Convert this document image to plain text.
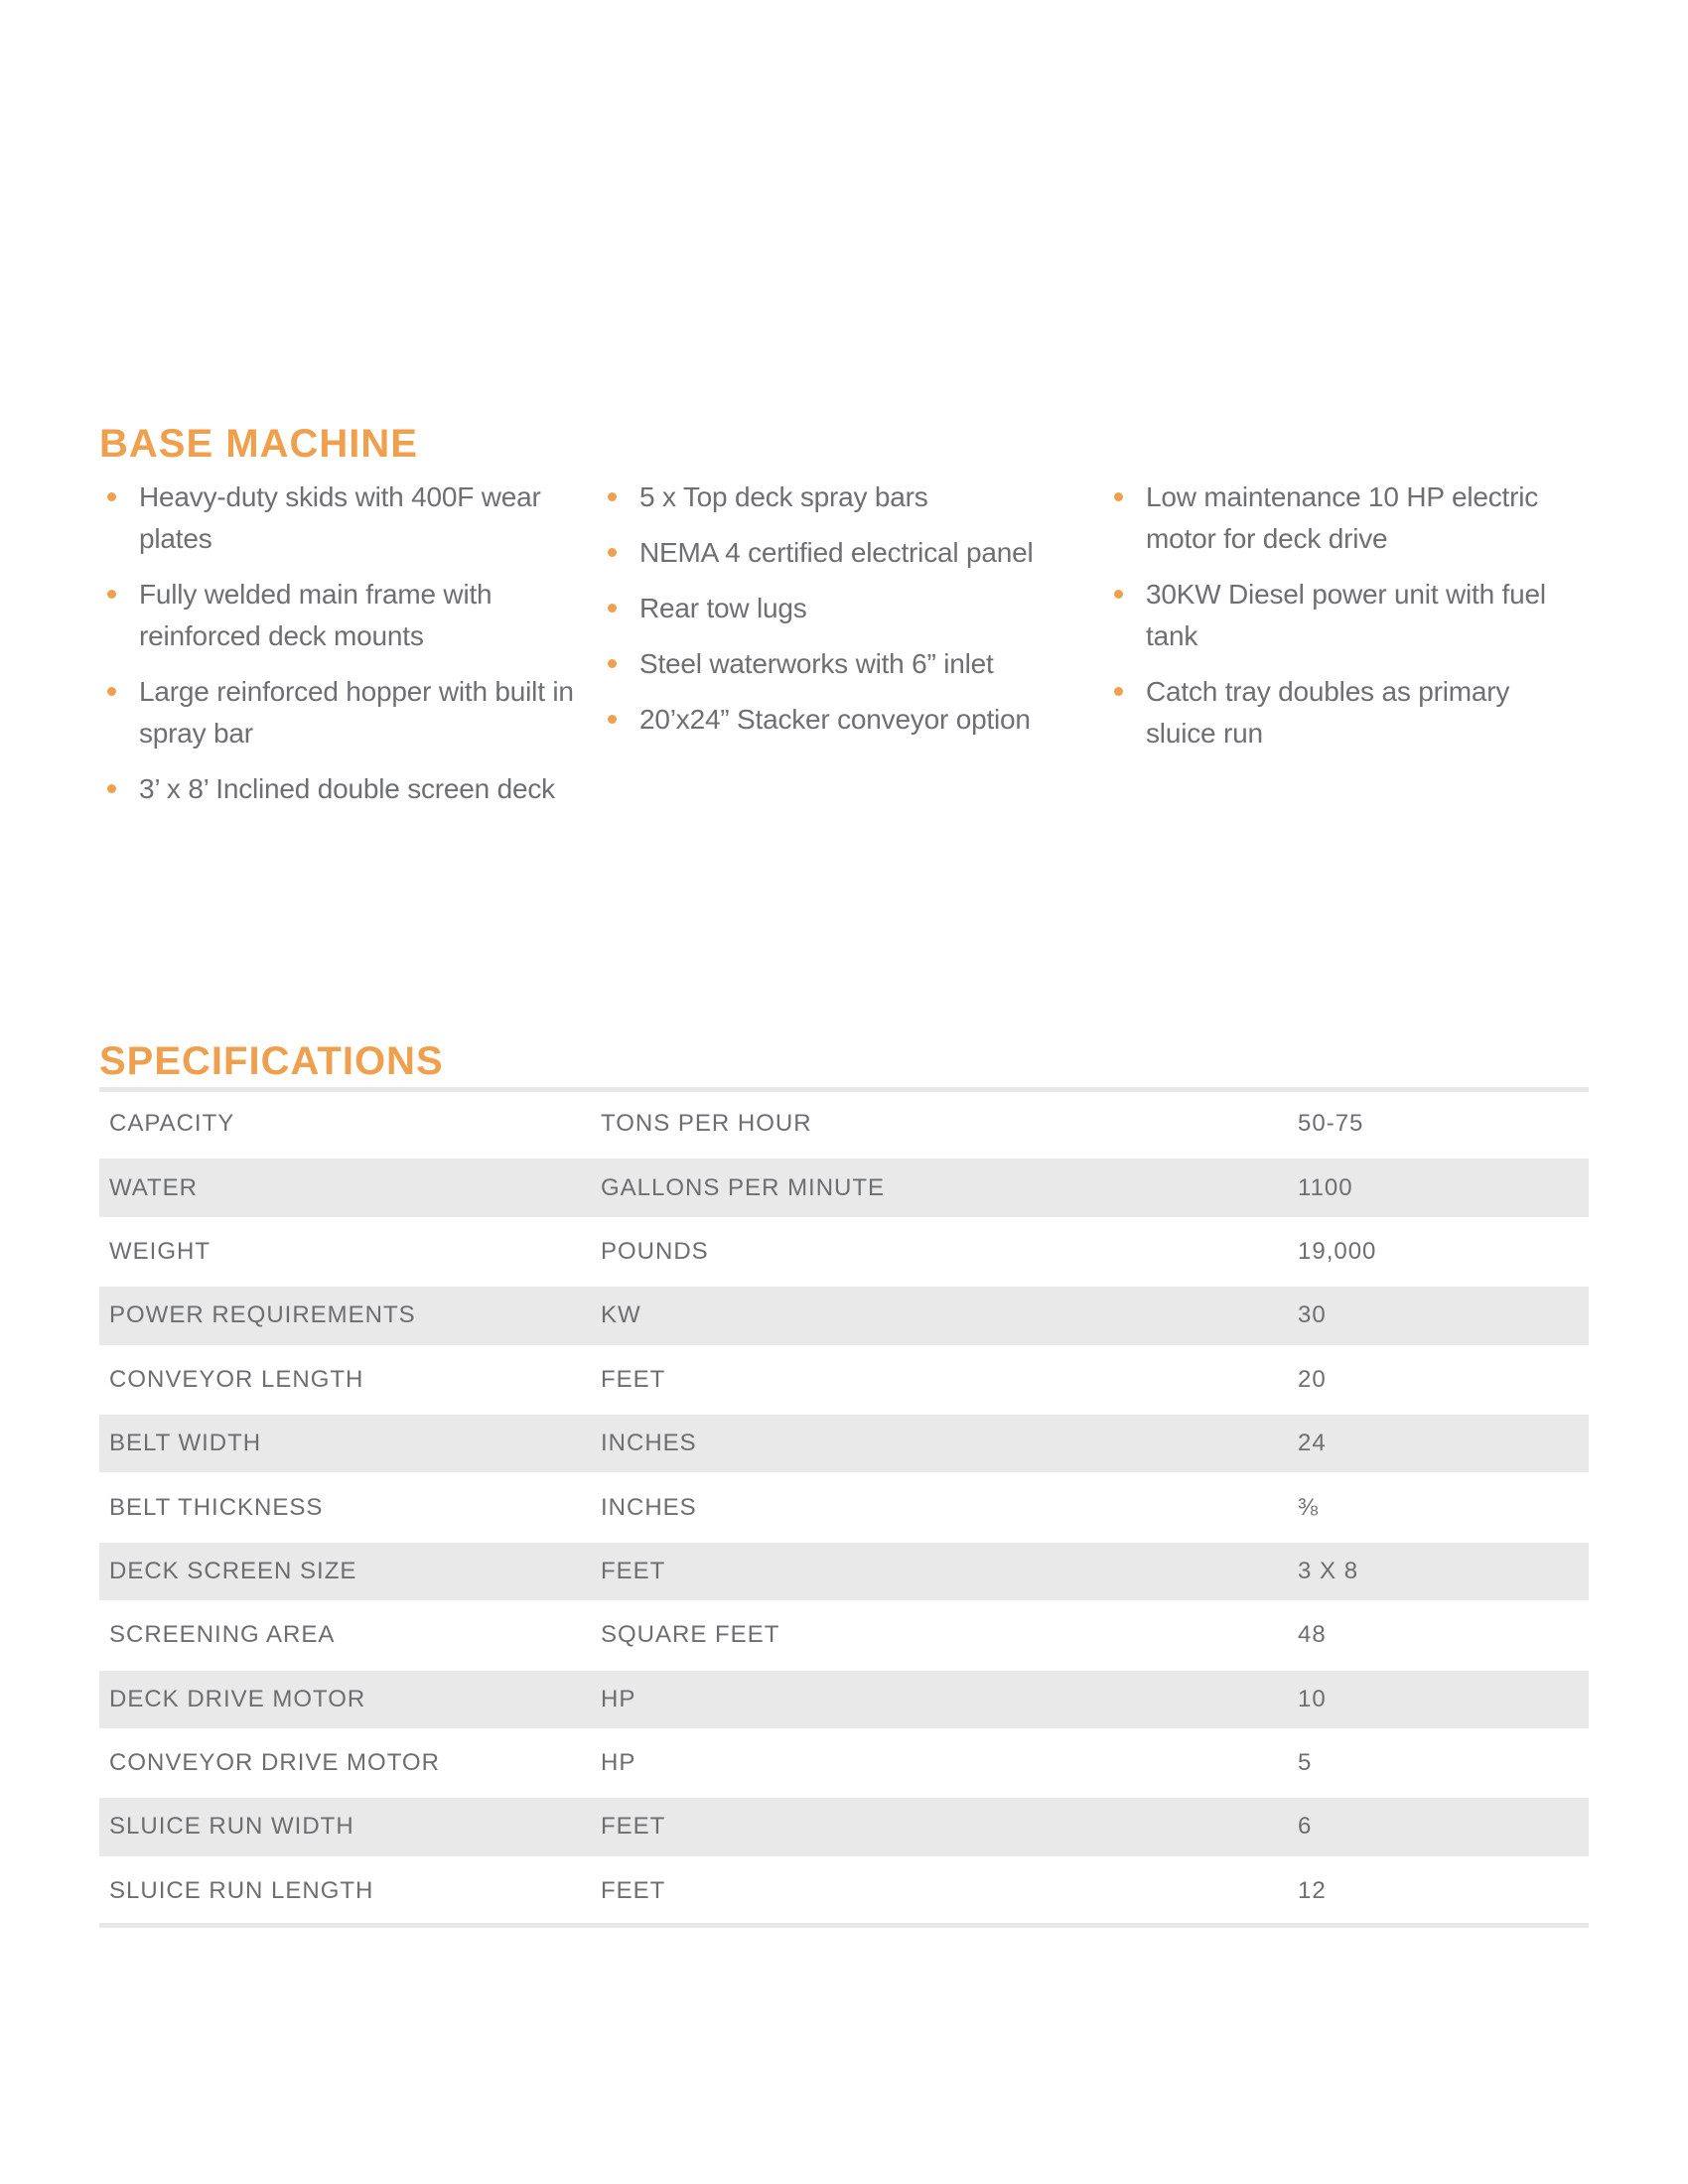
BASE MACHINE
Heavy-duty skids with 400F wear plates
Fully welded main frame with reinforced deck mounts
Large reinforced hopper with built in spray bar
3’ x 8’ Inclined double screen deck
5 x Top deck spray bars
NEMA 4 certified electrical panel
Rear tow lugs
Steel waterworks with 6” inlet
20’x24” Stacker conveyor option
Low maintenance 10 HP electric motor for deck drive
30KW Diesel power unit with fuel tank
Catch tray doubles as primary sluice run
SPECIFICATIONS
CAPACITY	TONS PER HOUR	50-75
WATER	GALLONS PER MINUTE	1100
WEIGHT	POUNDS	19,000
POWER REQUIREMENTS	KW	30
CONVEYOR LENGTH	FEET	20
BELT WIDTH	INCHES	24
BELT THICKNESS	INCHES	⅜
DECK SCREEN SIZE	FEET	3 X 8
SCREENING AREA	SQUARE FEET	48
DECK DRIVE MOTOR	HP	10
CONVEYOR DRIVE MOTOR	HP	5
SLUICE RUN WIDTH	FEET	6
SLUICE RUN LENGTH	FEET	12
